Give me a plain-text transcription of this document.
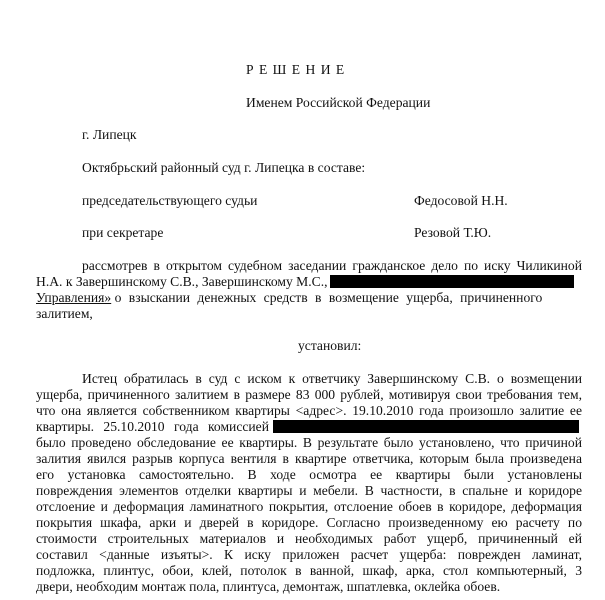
Р Е Ш Е Н И Е
Именем Российской Федерации
г. Липецк
Октябрьский районный суд г. Липецка в составе:
председательствующего судьи	Федосовой Н.Н.
при секретаре	Резовой Т.Ю.
рассмотрев в открытом судебном заседании гражданское дело по иску Чиликиной
Н.А. к Завершинскому С.В., Завершинскому М.С.,
Управления» о взыскании денежных средств в возмещение ущерба, причиненного
залитием,
установил:
Истец обратилась в суд с иском к ответчику Завершинскому С.В. о возмещении
ущерба, причиненного залитием в размере 83 000 рублей, мотивируя свои требования тем,
что она является собственником квартиры <адрес>. 19.10.2010 года произошло залитие ее
квартиры. 25.10.2010 года комиссией
было проведено обследование ее квартиры. В результате было установлено, что причиной
залития явился разрыв корпуса вентиля в квартире ответчика, которым была произведена
его установка самостоятельно. В ходе осмотра ее квартиры были установлены
повреждения элементов отделки квартиры и мебели. В частности, в спальне и коридоре
отслоение и деформация ламинатного покрытия, отслоение обоев в коридоре, деформация
покрытия шкафа, арки и дверей в коридоре. Согласно произведенному ею расчету по
стоимости строительных материалов и необходимых работ ущерб, причиненный ей
составил <данные изъяты>. К иску приложен расчет ущерба: поврежден ламинат,
подложка, плинтус, обои, клей, потолок в ванной, шкаф, арка, стол компьютерный, 3
двери, необходим монтаж пола, плинтуса, демонтаж, шпатлевка, оклейка обоев.
